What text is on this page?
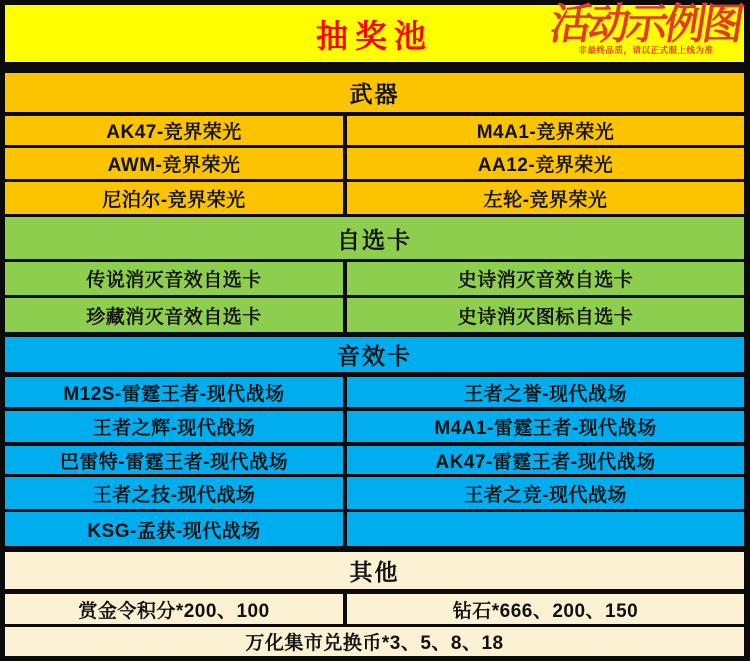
抽奖池	活动示例图
非最终品质，请以正式服上线为准
武器
AK47-竞界荣光	M4A1-竞界荣光
AWM-竞界荣光	AA12-竞界荣光
尼泊尔-竞界荣光	左轮-竞界荣光
自选卡
传说消灭音效自选卡	史诗消灭音效自选卡
珍藏消灭音效自选卡	史诗消灭图标自选卡
音效卡
M12S-雷霆王者-现代战场	王者之誉-现代战场
王者之辉-现代战场	M4A1-雷霆王者-现代战场
巴雷特-雷霆王者-现代战场	AK47-雷霆王者-现代战场
王者之技-现代战场	王者之竞-现代战场
KSG-孟获-现代战场
其他
赏金令积分*200、100	钻石*666、200、150
万化集市兑换币*3、5、8、18
